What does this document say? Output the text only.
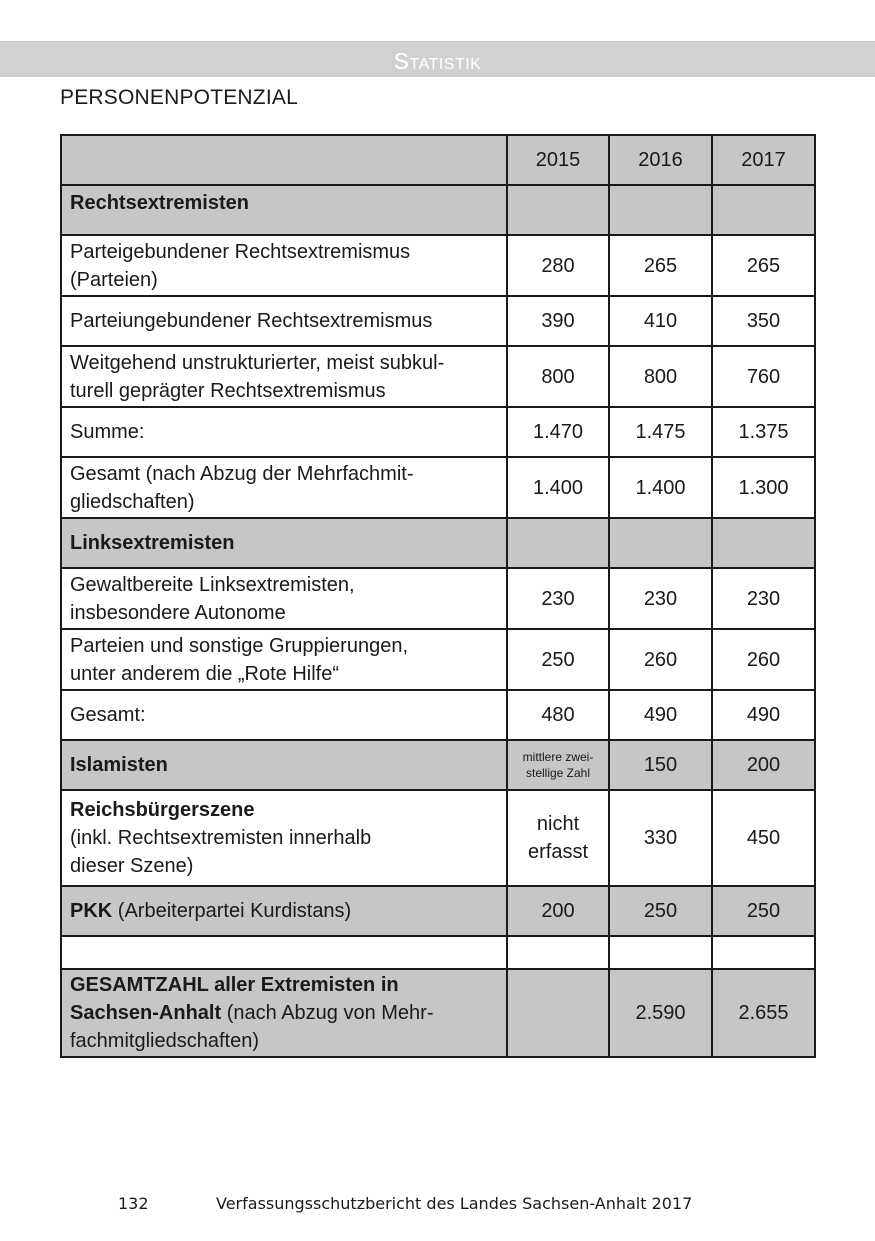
Statistik
PERSONENPOTENZIAL
	2015	2016	2017
Rechtsextremisten			

Parteigebundener Rechtsextremismus
(Parteien)	280	265	265
Parteiungebundener Rechtsextremismus	390	410	350

Weitgehend unstrukturierter, meist subkul-
turell geprägter Rechtsextremismus	800	800	760
Summe:	1.470	1.475	1.375

Gesamt (nach Abzug der Mehrfachmit-
gliedschaften)	1.400	1.400	1.300
Linksextremisten			

Gewaltbereite Linksextremisten,
insbesondere Autonome	230	230	230

Parteien und sonstige Gruppierungen,
unter anderem die „Rote Hilfe“	250	260	260
Gesamt:	480	490	490
Islamisten	mittlere zwei-
stellige Zahl	150	200

Reichsbürgerszene
(inkl. Rechtsextremisten innerhalb
dieser Szene)	nicht
erfasst	330	450
PKK (Arbeiterpartei Kurdistans)	200	250	250

GESAMTZAHL aller Extremisten in
Sachsen-Anhalt (nach Abzug von Mehr-
fachmitgliedschaften)		2.590	2.655
132	Verfassungsschutzbericht des Landes Sachsen-Anhalt 2017
